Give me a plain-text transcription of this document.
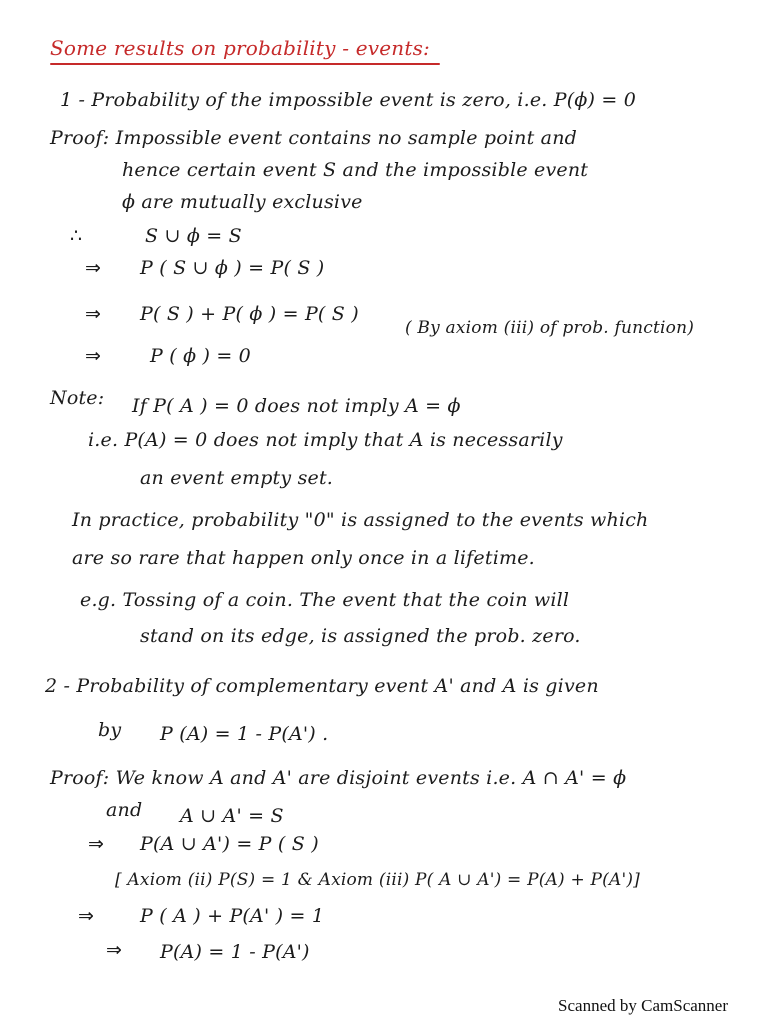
Some results on probability - events:
1 - Probability of the impossible event is zero, i.e. P(ϕ) = 0
Proof: Impossible event contains no sample point and
hence certain event S and the impossible event
ϕ are mutually exclusive
∴	S ∪ ϕ = S
⇒ P ( S ∪ ϕ ) = P( S )
⇒ P( S ) + P( ϕ ) = P( S )
( By axiom (iii) of prob. function)
⇒	P ( ϕ ) = 0
Note: If P( A ) = 0 does not imply A = ϕ
i.e. P(A) = 0 does not imply that A is necessarily
an event empty set.
In practice, probability "0" is assigned to the events which
are so rare that happen only once in a lifetime.
e.g. Tossing of a coin. The event that the coin will
stand on its edge, is assigned the prob. zero.
2 - Probability of complementary event A' and A is given
by P (A) = 1 - P(A') .
Proof: We know A and A' are disjoint events i.e. A ∩ A' = ϕ
and A ∪ A' = S
⇒ P(A ∪ A') = P ( S )
[ Axiom (ii) P(S) = 1 & Axiom (iii) P( A ∪ A') = P(A) + P(A')]
⇒ P ( A ) + P(A' ) = 1
⇒ P(A) = 1 - P(A')
Scanned by CamScanner
